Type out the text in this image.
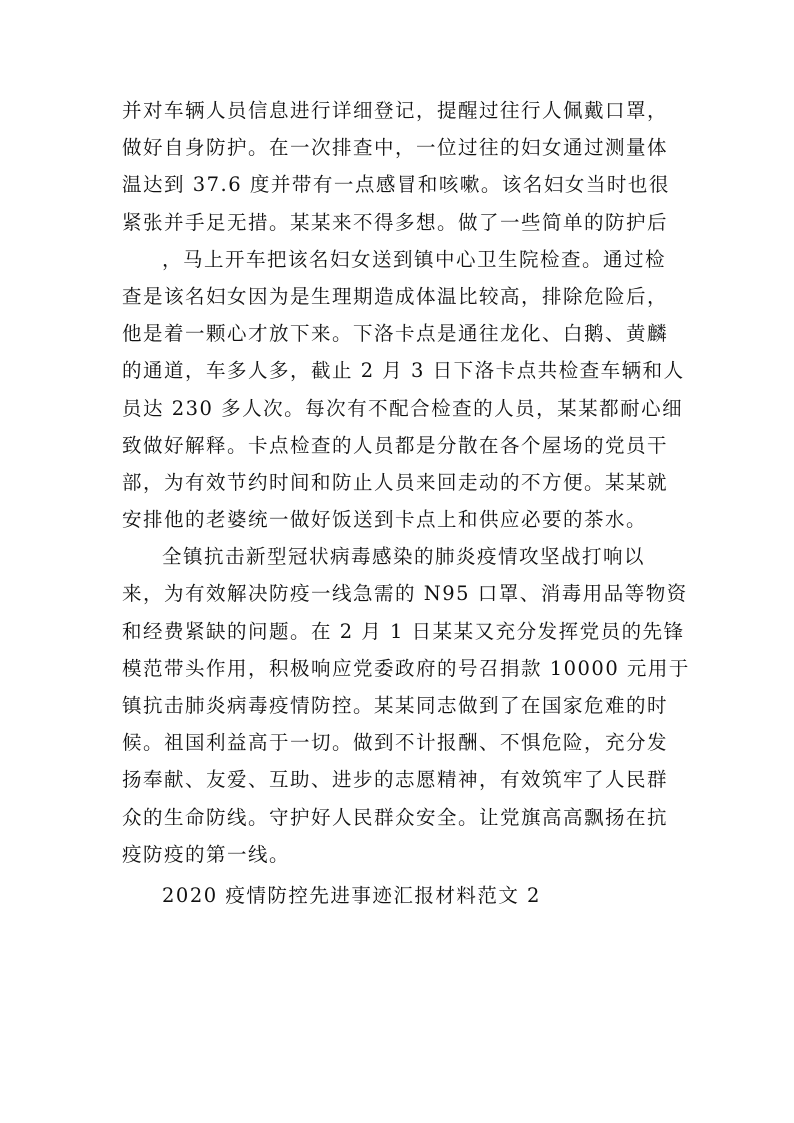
并对车辆人员信息进行详细登记，提醒过往行人佩戴口罩，
做好自身防护。在一次排查中，一位过往的妇女通过测量体
温达到 37.6 度并带有一点感冒和咳嗽。该名妇女当时也很
紧张并手足无措。某某来不得多想。做了一些简单的防护后
，马上开车把该名妇女送到镇中心卫生院检查。通过检
查是该名妇女因为是生理期造成体温比较高，排除危险后，
他是着一颗心才放下来。下洛卡点是通往龙化、白鹅、黄麟
的通道，车多人多，截止 2 月 3 日下洛卡点共检查车辆和人
员达 230 多人次。每次有不配合检查的人员，某某都耐心细
致做好解释。卡点检查的人员都是分散在各个屋场的党员干
部，为有效节约时间和防止人员来回走动的不方便。某某就
安排他的老婆统一做好饭送到卡点上和供应必要的茶水。
全镇抗击新型冠状病毒感染的肺炎疫情攻坚战打响以
来，为有效解决防疫一线急需的 N95 口罩、消毒用品等物资
和经费紧缺的问题。在 2 月 1 日某某又充分发挥党员的先锋
模范带头作用，积极响应党委政府的号召捐款 10000 元用于
镇抗击肺炎病毒疫情防控。某某同志做到了在国家危难的时
候。祖国利益高于一切。做到不计报酬、不惧危险，充分发
扬奉献、友爱、互助、进步的志愿精神，有效筑牢了人民群
众的生命防线。守护好人民群众安全。让党旗高高飘扬在抗
疫防疫的第一线。
2020 疫情防控先进事迹汇报材料范文 2
